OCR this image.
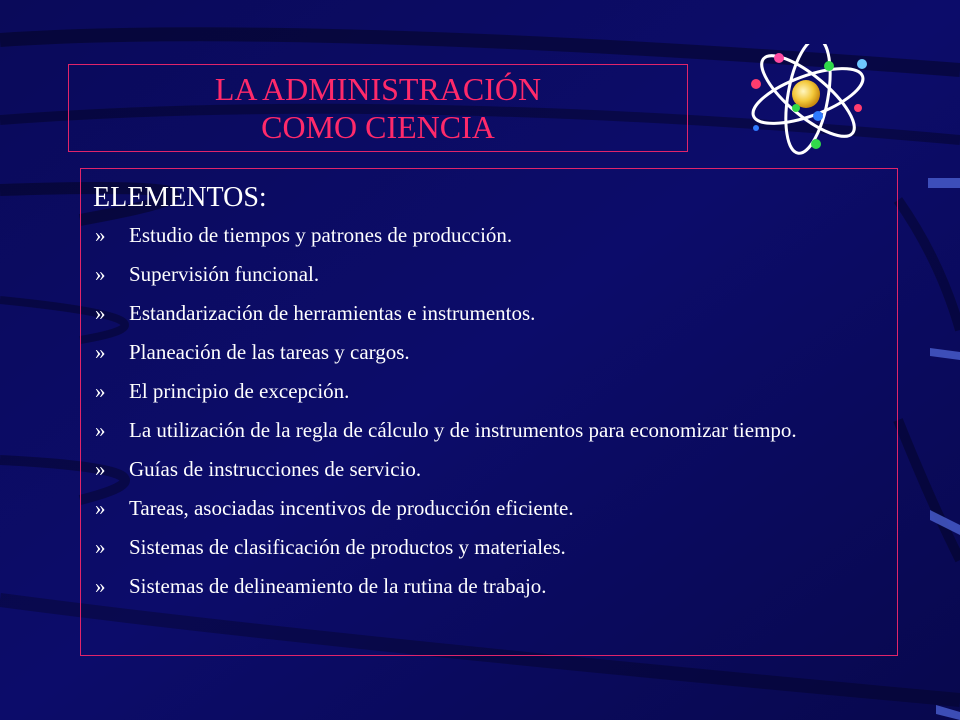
LA ADMINISTRACIÓN COMO CIENCIA
ELEMENTOS:
»	Estudio de tiempos y patrones de producción.
»	Supervisión funcional.
»	Estandarización de herramientas e instrumentos.
»	Planeación de las tareas y cargos.
»	El principio de excepción.
»	La utilización de la regla de cálculo y de instrumentos para economizar tiempo.
»	Guías de instrucciones de servicio.
»	Tareas, asociadas incentivos de producción eficiente.
»	Sistemas de clasificación de productos y materiales.
»	Sistemas de delineamiento de la rutina de trabajo.
